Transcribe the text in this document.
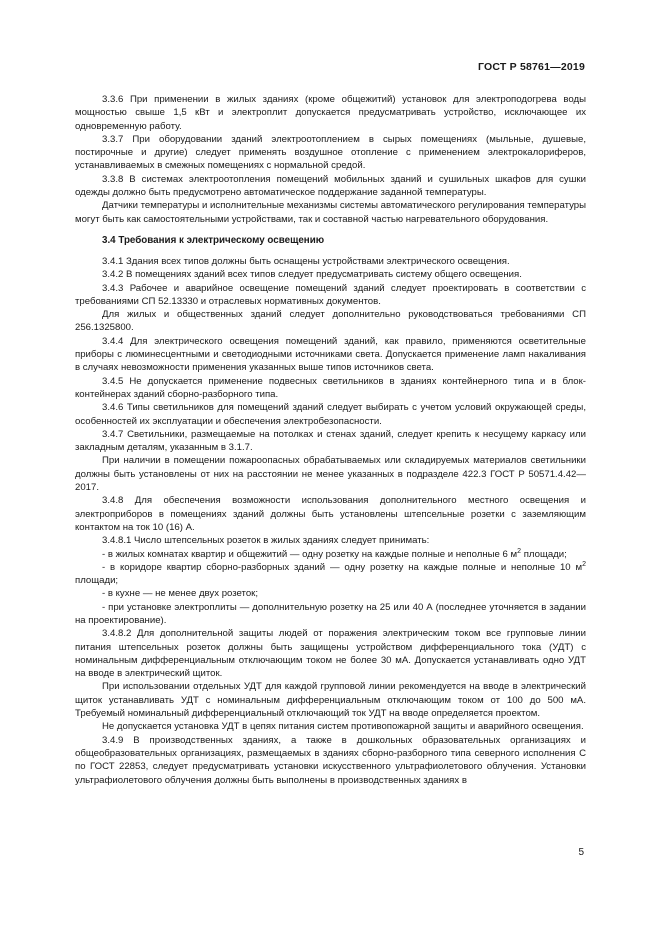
ГОСТ Р 58761—2019

3.3.6 При применении в жилых зданиях (кроме общежитий) установок для электроподогрева воды мощностью свыше 1,5 кВт и электроплит допускается предусматривать устройство, исключающее их одновременную работу.

3.3.7 При оборудовании зданий электроотоплением в сырых помещениях (мыльные, душевые, постирочные и другие) следует применять воздушное отопление с применением электрокалориферов, устанавливаемых в смежных помещениях с нормальной средой.

3.3.8 В системах электроотопления помещений мобильных зданий и сушильных шкафов для сушки одежды должно быть предусмотрено автоматическое поддержание заданной температуры.

Датчики температуры и исполнительные механизмы системы автоматического регулирования температуры могут быть как самостоятельными устройствами, так и составной частью нагревательного оборудования.

3.4 Требования к электрическому освещению

3.4.1 Здания всех типов должны быть оснащены устройствами электрического освещения.

3.4.2 В помещениях зданий всех типов следует предусматривать систему общего освещения.

3.4.3 Рабочее и аварийное освещение помещений зданий следует проектировать в соответствии с требованиями СП 52.13330 и отраслевых нормативных документов.

Для жилых и общественных зданий следует дополнительно руководствоваться требованиями СП 256.1325800.

3.4.4 Для электрического освещения помещений зданий, как правило, применяются осветительные приборы с люминесцентными и светодиодными источниками света. Допускается применение ламп накаливания в случаях невозможности применения указанных выше типов источников света.

3.4.5 Не допускается применение подвесных светильников в зданиях контейнерного типа и в блок-контейнерах зданий сборно-разборного типа.

3.4.6 Типы светильников для помещений зданий следует выбирать с учетом условий окружающей среды, особенностей их эксплуатации и обеспечения электробезопасности.

3.4.7 Светильники, размещаемые на потолках и стенах зданий, следует крепить к несущему каркасу или закладным деталям, указанным в 3.1.7.

При наличии в помещении пожароопасных обрабатываемых или складируемых материалов светильники должны быть установлены от них на расстоянии не менее указанных в подразделе 422.3 ГОСТ Р 50571.4.42—2017.

3.4.8 Для обеспечения возможности использования дополнительного местного освещения и электроприборов в помещениях зданий должны быть установлены штепсельные розетки с заземляющим контактом на ток 10 (16) А.

3.4.8.1 Число штепсельных розеток в жилых зданиях следует принимать:

- в жилых комнатах квартир и общежитий — одну розетку на каждые полные и неполные 6 $м^2$ площади;

- в коридоре квартир сборно-разборных зданий — одну розетку на каждые полные и неполные 10 $м^2$ площади;

- в кухне — не менее двух розеток;

- при установке электроплиты — дополнительную розетку на 25 или 40 А (последнее уточняется в задании на проектирование).

3.4.8.2 Для дополнительной защиты людей от поражения электрическим током все групповые линии питания штепсельных розеток должны быть защищены устройством дифференциального тока (УДТ) с номинальным дифференциальным отключающим током не более 30 мА. Допускается устанавливать одно УДТ на вводе в электрический щиток.

При использовании отдельных УДТ для каждой групповой линии рекомендуется на вводе в электрический щиток устанавливать УДТ с номинальным дифференциальным отключающим током от 100 до 500 мА. Требуемый номинальный дифференциальный отключающий ток УДТ на вводе определяется проектом.

Не допускается установка УДТ в цепях питания систем противопожарной защиты и аварийного освещения.

3.4.9 В производственных зданиях, а также в дошкольных образовательных организациях и общеобразовательных организациях, размещаемых в зданиях сборно-разборного типа северного исполнения С по ГОСТ 22853, следует предусматривать установки искусственного ультрафиолетового облучения. Установки ультрафиолетового облучения должны быть выполнены в производственных зданиях в

5
